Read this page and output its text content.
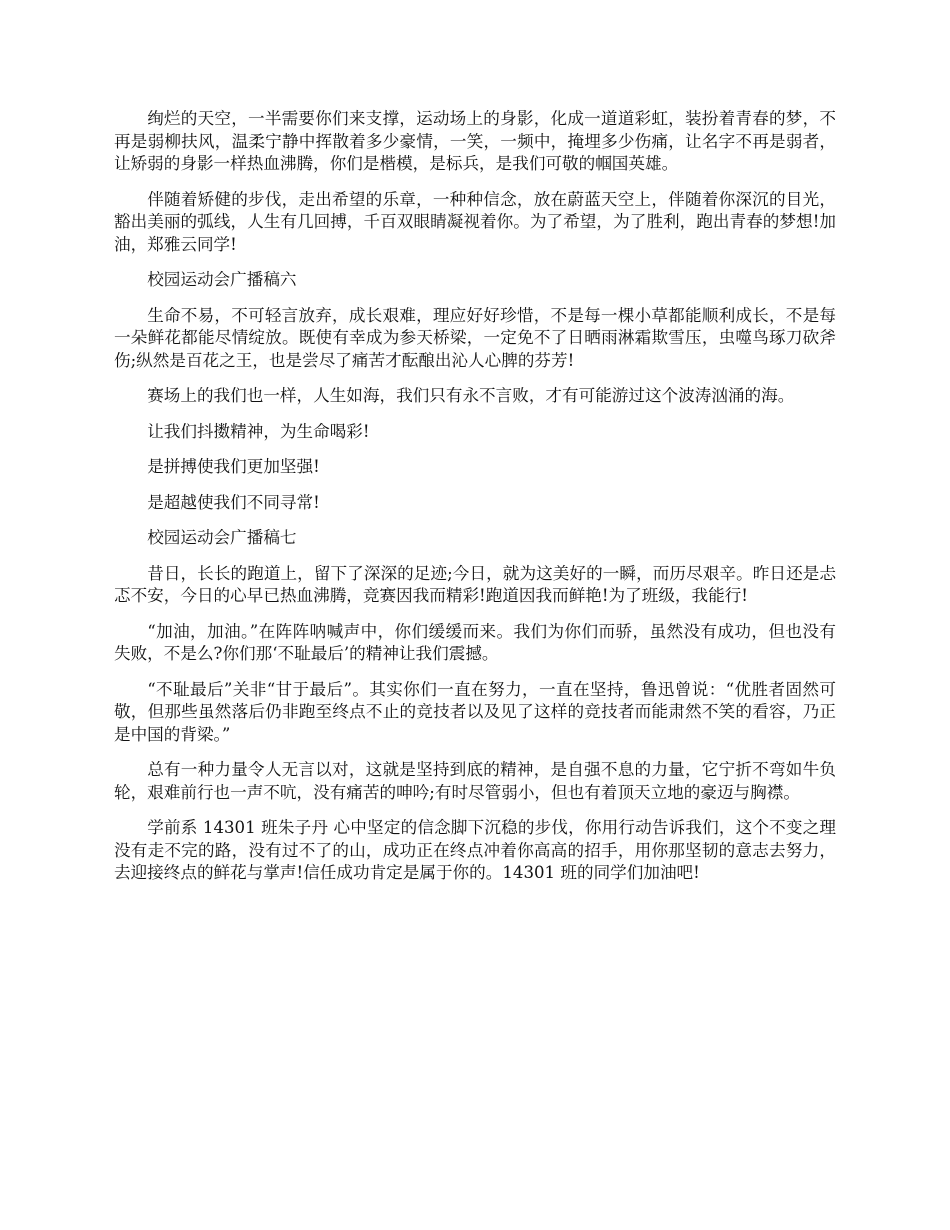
绚烂的天空，一半需要你们来支撑，运动场上的身影，化成一道道彩虹，装扮着青春的梦，不再是弱柳扶风，温柔宁静中挥散着多少豪情，一笑，一频中，掩埋多少伤痛，让名字不再是弱者，让矫弱的身影一样热血沸腾，你们是楷模，是标兵，是我们可敬的帼国英雄。

伴随着矫健的步伐，走出希望的乐章，一种种信念，放在蔚蓝天空上，伴随着你深沉的目光，豁出美丽的弧线，人生有几回搏，千百双眼睛凝视着你。为了希望，为了胜利，跑出青春的梦想!加油，郑雅云同学!

校园运动会广播稿六

生命不易，不可轻言放弃，成长艰难，理应好好珍惜，不是每一棵小草都能顺利成长，不是每一朵鲜花都能尽情绽放。既使有幸成为参天桥梁，一定免不了日晒雨淋霜欺雪压，虫噬鸟琢刀砍斧伤;纵然是百花之王，也是尝尽了痛苦才酝酿出沁人心脾的芬芳!

赛场上的我们也一样，人生如海，我们只有永不言败，才有可能游过这个波涛汹涌的海。

让我们抖擞精神，为生命喝彩!

是拼搏使我们更加坚强!

是超越使我们不同寻常!

校园运动会广播稿七

昔日，长长的跑道上，留下了深深的足迹;今日，就为这美好的一瞬，而历尽艰辛。昨日还是忐忑不安，今日的心早已热血沸腾，竞赛因我而精彩!跑道因我而鲜艳!为了班级，我能行!

“加油，加油。”在阵阵呐喊声中，你们缓缓而来。我们为你们而骄，虽然没有成功，但也没有失败，不是么?你们那‘不耻最后’的精神让我们震撼。

“不耻最后”关非“甘于最后”。其实你们一直在努力，一直在坚持，鲁迅曾说：“优胜者固然可敬，但那些虽然落后仍非跑至终点不止的竞技者以及见了这样的竞技者而能肃然不笑的看容，乃正是中国的背梁。”

总有一种力量令人无言以对，这就是坚持到底的精神，是自强不息的力量，它宁折不弯如牛负轮，艰难前行也一声不吭，没有痛苦的呻吟;有时尽管弱小，但也有着顶天立地的豪迈与胸襟。

学前系 14301 班朱子丹 心中坚定的信念脚下沉稳的步伐，你用行动告诉我们，这个不变之理没有走不完的路，没有过不了的山，成功正在终点冲着你高高的招手，用你那坚韧的意志去努力，去迎接终点的鲜花与掌声!信任成功肯定是属于你的。14301 班的同学们加油吧!
